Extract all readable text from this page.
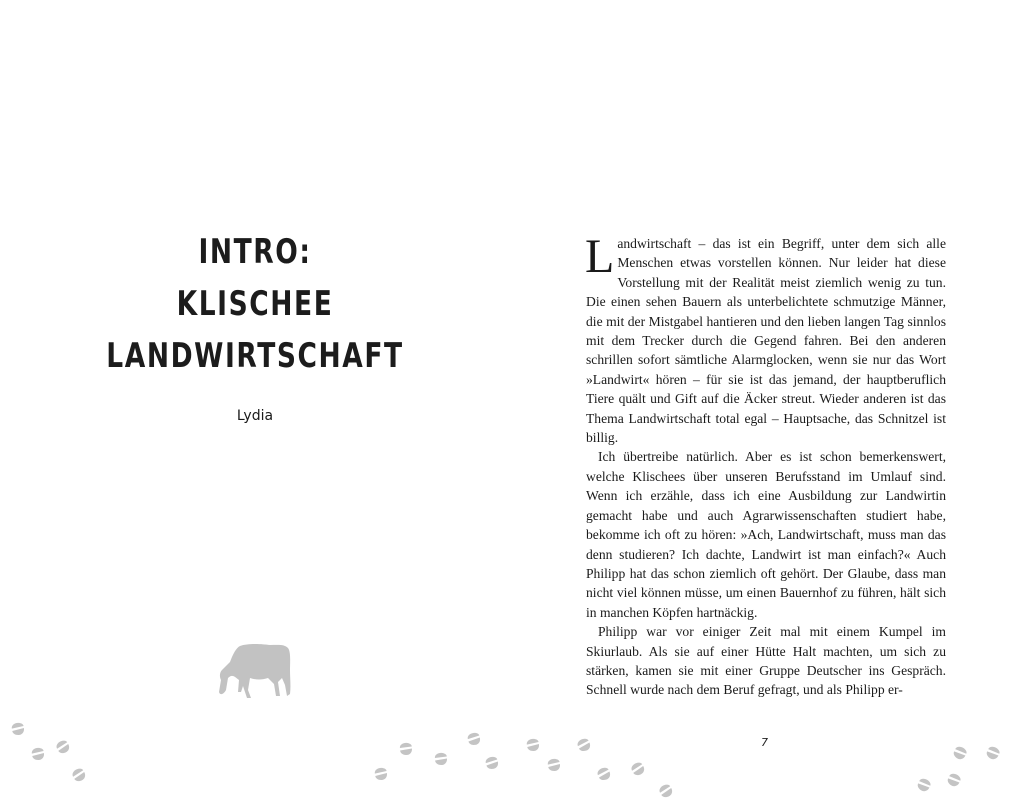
INTRO:
KLISCHEE
LANDWIRTSCHAFT
Lydia

Landwirtschaft – das ist ein Begriff, unter dem sich alle Menschen etwas vorstellen können. Nur leider hat diese Vorstellung mit der Realität meist ziemlich wenig zu tun. Die einen sehen Bauern als unterbelichtete schmutzige Männer, die mit der Mistgabel hantieren und den lieben langen Tag sinnlos mit dem Trecker durch die Gegend fahren. Bei den anderen schrillen sofort sämtliche Alarmglocken, wenn sie nur das Wort »Landwirt« hören – für sie ist das jemand, der hauptberuflich Tiere quält und Gift auf die Äcker streut. Wieder anderen ist das Thema Landwirtschaft total egal – Hauptsache, das Schnitzel ist billig.

Ich übertreibe natürlich. Aber es ist schon bemerkenswert, welche Klischees über unseren Berufsstand im Umlauf sind. Wenn ich erzähle, dass ich eine Ausbildung zur Landwirtin gemacht habe und auch Agrarwissenschaften studiert habe, bekomme ich oft zu hören: »Ach, Landwirtschaft, muss man das denn studieren? Ich dachte, Landwirt ist man einfach?« Auch Philipp hat das schon ziemlich oft gehört. Der Glaube, dass man nicht viel können müsse, um einen Bauernhof zu führen, hält sich in manchen Köpfen hartnäckig.

Philipp war vor einiger Zeit mal mit einem Kumpel im Skiurlaub. Als sie auf einer Hütte Halt machten, um sich zu stärken, kamen sie mit einer Gruppe Deutscher ins Gespräch. Schnell wurde nach dem Beruf gefragt, und als Philipp er-

7
